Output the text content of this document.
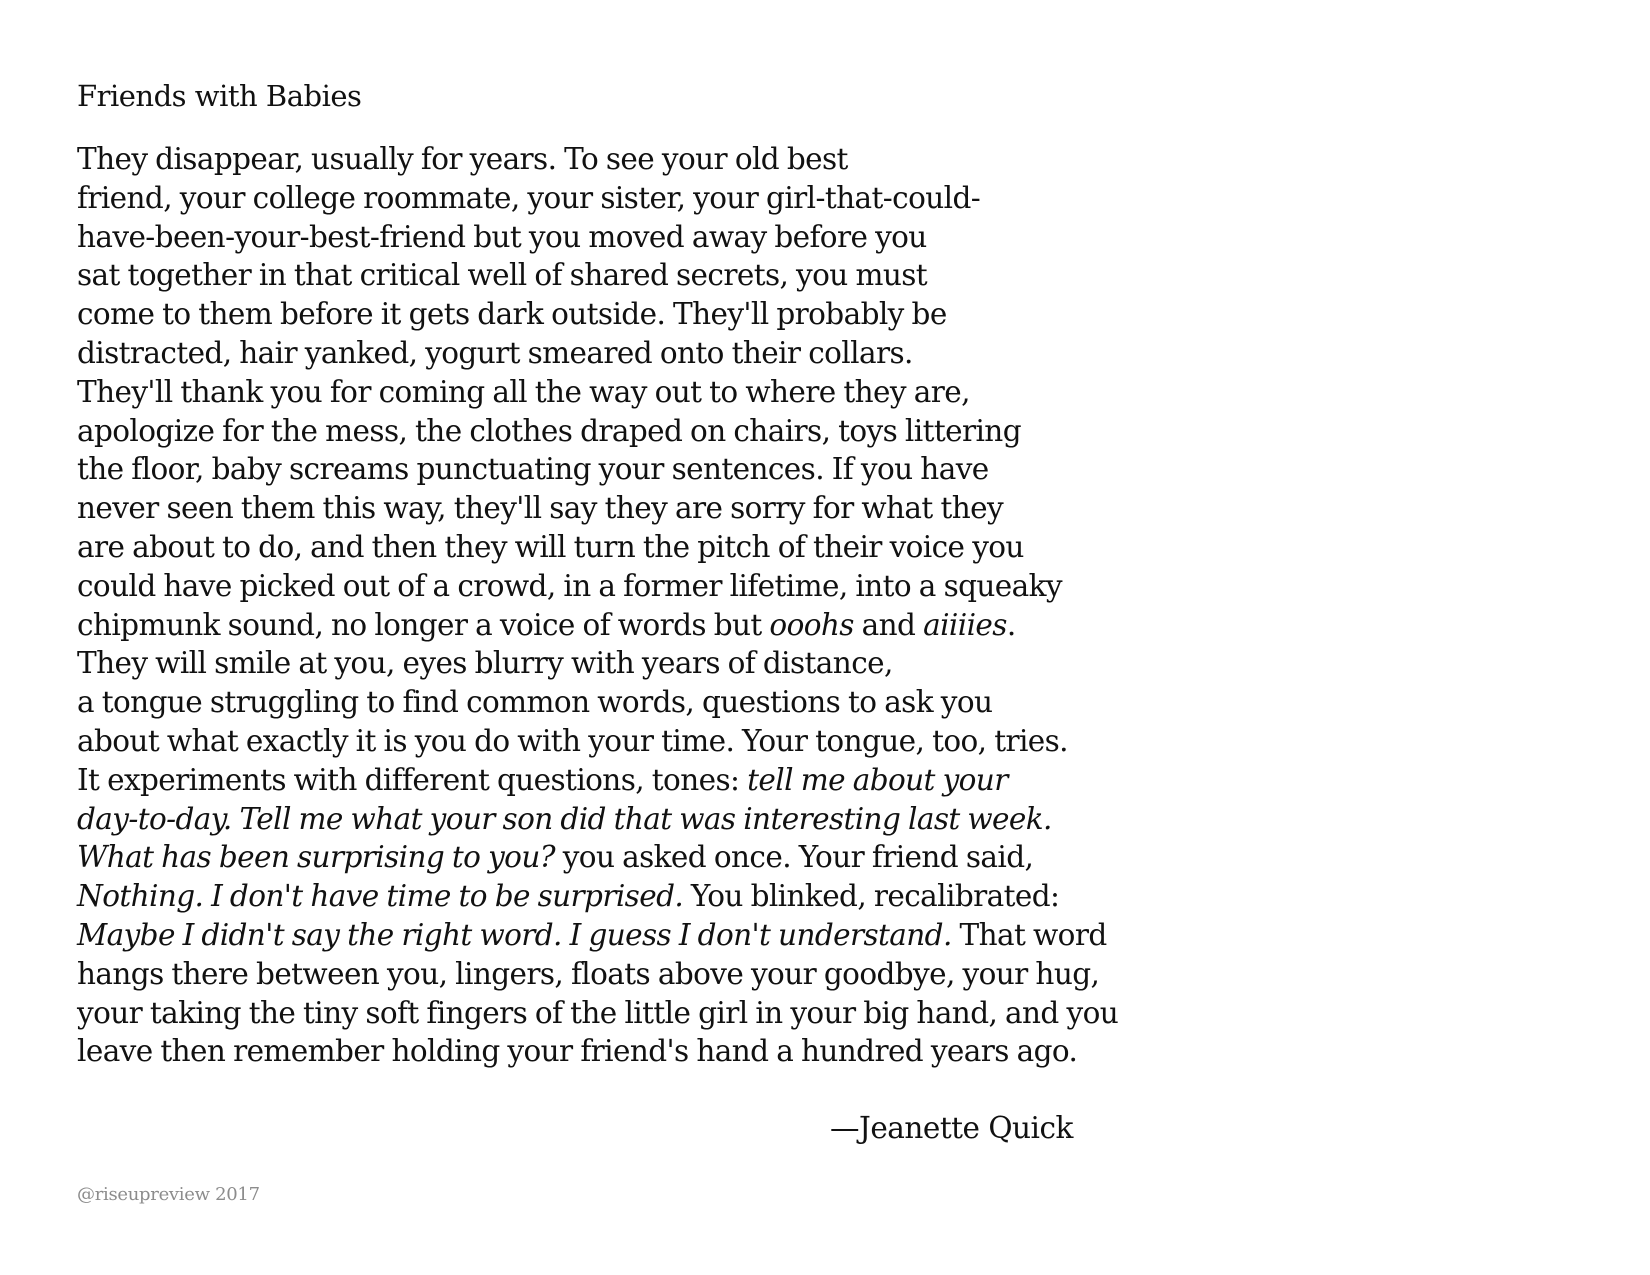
Friends with Babies
They disappear, usually for years. To see your old best
friend, your college roommate, your sister, your girl-that-could-
have-been-your-best-friend but you moved away before you
sat together in that critical well of shared secrets, you must
come to them before it gets dark outside. They'll probably be
distracted, hair yanked, yogurt smeared onto their collars.
They'll thank you for coming all the way out to where they are,
apologize for the mess, the clothes draped on chairs, toys littering
the floor, baby screams punctuating your sentences. If you have
never seen them this way, they'll say they are sorry for what they
are about to do, and then they will turn the pitch of their voice you
could have picked out of a crowd, in a former lifetime, into a squeaky
chipmunk sound, no longer a voice of words but ooohs and aiiiies.
They will smile at you, eyes blurry with years of distance,
a tongue struggling to find common words, questions to ask you
about what exactly it is you do with your time. Your tongue, too, tries.
It experiments with different questions, tones: tell me about your
day-to-day. Tell me what your son did that was interesting last week.
What has been surprising to you? you asked once. Your friend said,
Nothing. I don't have time to be surprised. You blinked, recalibrated:
Maybe I didn't say the right word. I guess I don't understand. That word
hangs there between you, lingers, floats above your goodbye, your hug,
your taking the tiny soft fingers of the little girl in your big hand, and you
leave then remember holding your friend's hand a hundred years ago.
—Jeanette Quick
@riseupreview 2017
